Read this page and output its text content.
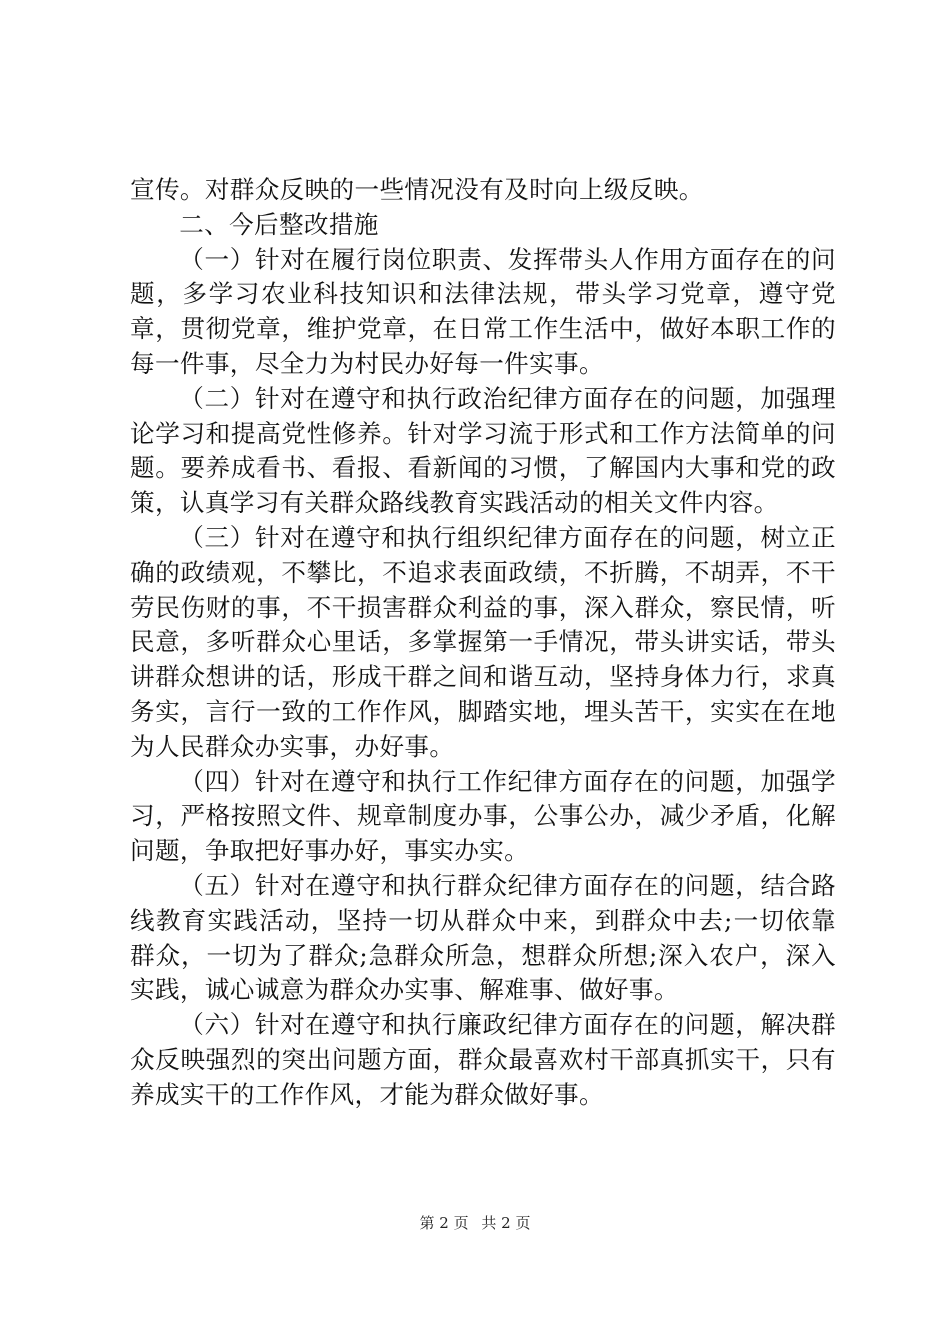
宣传。对群众反映的一些情况没有及时向上级反映。

二、今后整改措施

（一）针对在履行岗位职责、发挥带头人作用方面存在的问题，多学习农业科技知识和法律法规，带头学习党章，遵守党章，贯彻党章，维护党章，在日常工作生活中，做好本职工作的每一件事，尽全力为村民办好每一件实事。

（二）针对在遵守和执行政治纪律方面存在的问题，加强理论学习和提高党性修养。针对学习流于形式和工作方法简单的问题。要养成看书、看报、看新闻的习惯，了解国内大事和党的政策，认真学习有关群众路线教育实践活动的相关文件内容。

（三）针对在遵守和执行组织纪律方面存在的问题，树立正确的政绩观，不攀比，不追求表面政绩，不折腾，不胡弄，不干劳民伤财的事，不干损害群众利益的事，深入群众，察民情，听民意，多听群众心里话，多掌握第一手情况，带头讲实话，带头讲群众想讲的话，形成干群之间和谐互动，坚持身体力行，求真务实，言行一致的工作作风，脚踏实地，埋头苦干，实实在在地为人民群众办实事，办好事。

（四）针对在遵守和执行工作纪律方面存在的问题，加强学习，严格按照文件、规章制度办事，公事公办，减少矛盾，化解问题，争取把好事办好，事实办实。

（五）针对在遵守和执行群众纪律方面存在的问题，结合路线教育实践活动，坚持一切从群众中来，到群众中去;一切依靠群众，一切为了群众;急群众所急，想群众所想;深入农户，深入实践，诚心诚意为群众办实事、解难事、做好事。

（六）针对在遵守和执行廉政纪律方面存在的问题，解决群众反映强烈的突出问题方面，群众最喜欢村干部真抓实干，只有养成实干的工作作风，才能为群众做好事。

第 2 页 共 2 页
